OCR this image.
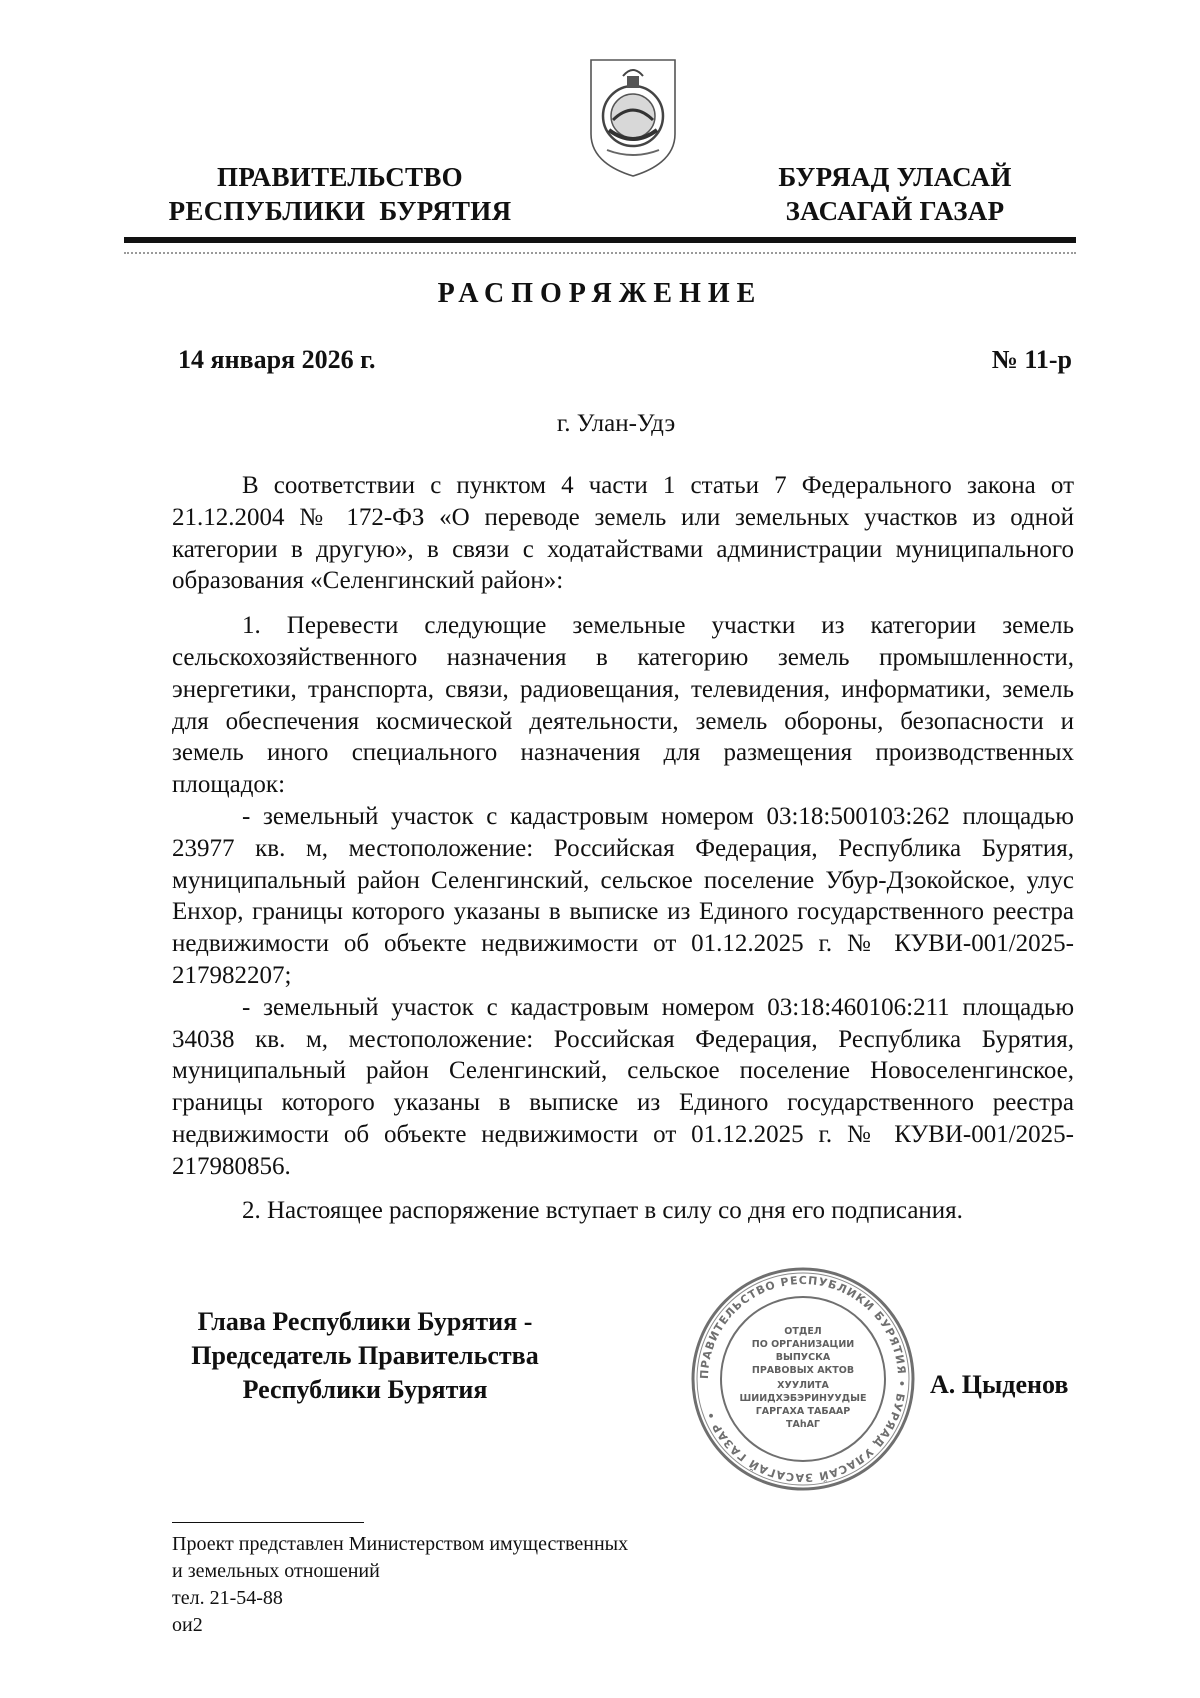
ПРАВИТЕЛЬСТВО
РЕСПУБЛИКИ  БУРЯТИЯ
БУРЯАД УЛАСАЙ
ЗАСАГАЙ ГАЗАР
РАСПОРЯЖЕНИЕ
14 января 2026 г.	№ 11-р
г. Улан-Удэ

В соответствии с пунктом 4 части 1 статьи 7 Федерального закона от 21.12.2004 № 172-ФЗ «О переводе земель или земельных участков из одной категории в другую», в связи с ходатайствами администрации муниципального образования «Селенгинский район»:

1. Перевести следующие земельные участки из категории земель сельскохозяйственного назначения в категорию земель промышленности, энергетики, транспорта, связи, радиовещания, телевидения, информатики, земель для обеспечения космической деятельности, земель обороны, безопасности и земель иного специального назначения для размещения производственных площадок:

- земельный участок с кадастровым номером 03:18:500103:262 площадью 23977 кв. м, местоположение: Российская Федерация, Республика Бурятия, муниципальный район Селенгинский, сельское поселение Убур-Дзокойское, улус Енхор, границы которого указаны в выписке из Единого государственного реестра недвижимости об объекте недвижимости от 01.12.2025 г. № КУВИ-001/2025-217982207;

- земельный участок с кадастровым номером 03:18:460106:211 площадью 34038 кв. м, местоположение: Российская Федерация, Республика Бурятия, муниципальный район Селенгинский, сельское поселение Новоселенгинское, границы которого указаны в выписке из Единого государственного реестра недвижимости об объекте недвижимости от 01.12.2025 г. № КУВИ-001/2025-217980856.

2. Настоящее распоряжение вступает в силу со дня его подписания.

ПРАВИТЕЛЬСТВО РЕСПУБЛИКИ БУРЯТИЯ • БУРЯАД УЛАСАЙ ЗАСАГАЙ ГАЗАР •
ОТДЕЛ
ПО ОРГАНИЗАЦИИ
ВЫПУСКА
ПРАВОВЫХ АКТОВ
ХУУЛИТА
ШИИДХЭБЭРИНУУДЫЕ
ГАРГАХА ТАБААР
ТАһАГ
Глава Республики Бурятия -
Председатель Правительства
Республики Бурятия	А. Цыденов
Проект представлен Министерством имущественных
и земельных отношений
тел. 21-54-88
ои2
